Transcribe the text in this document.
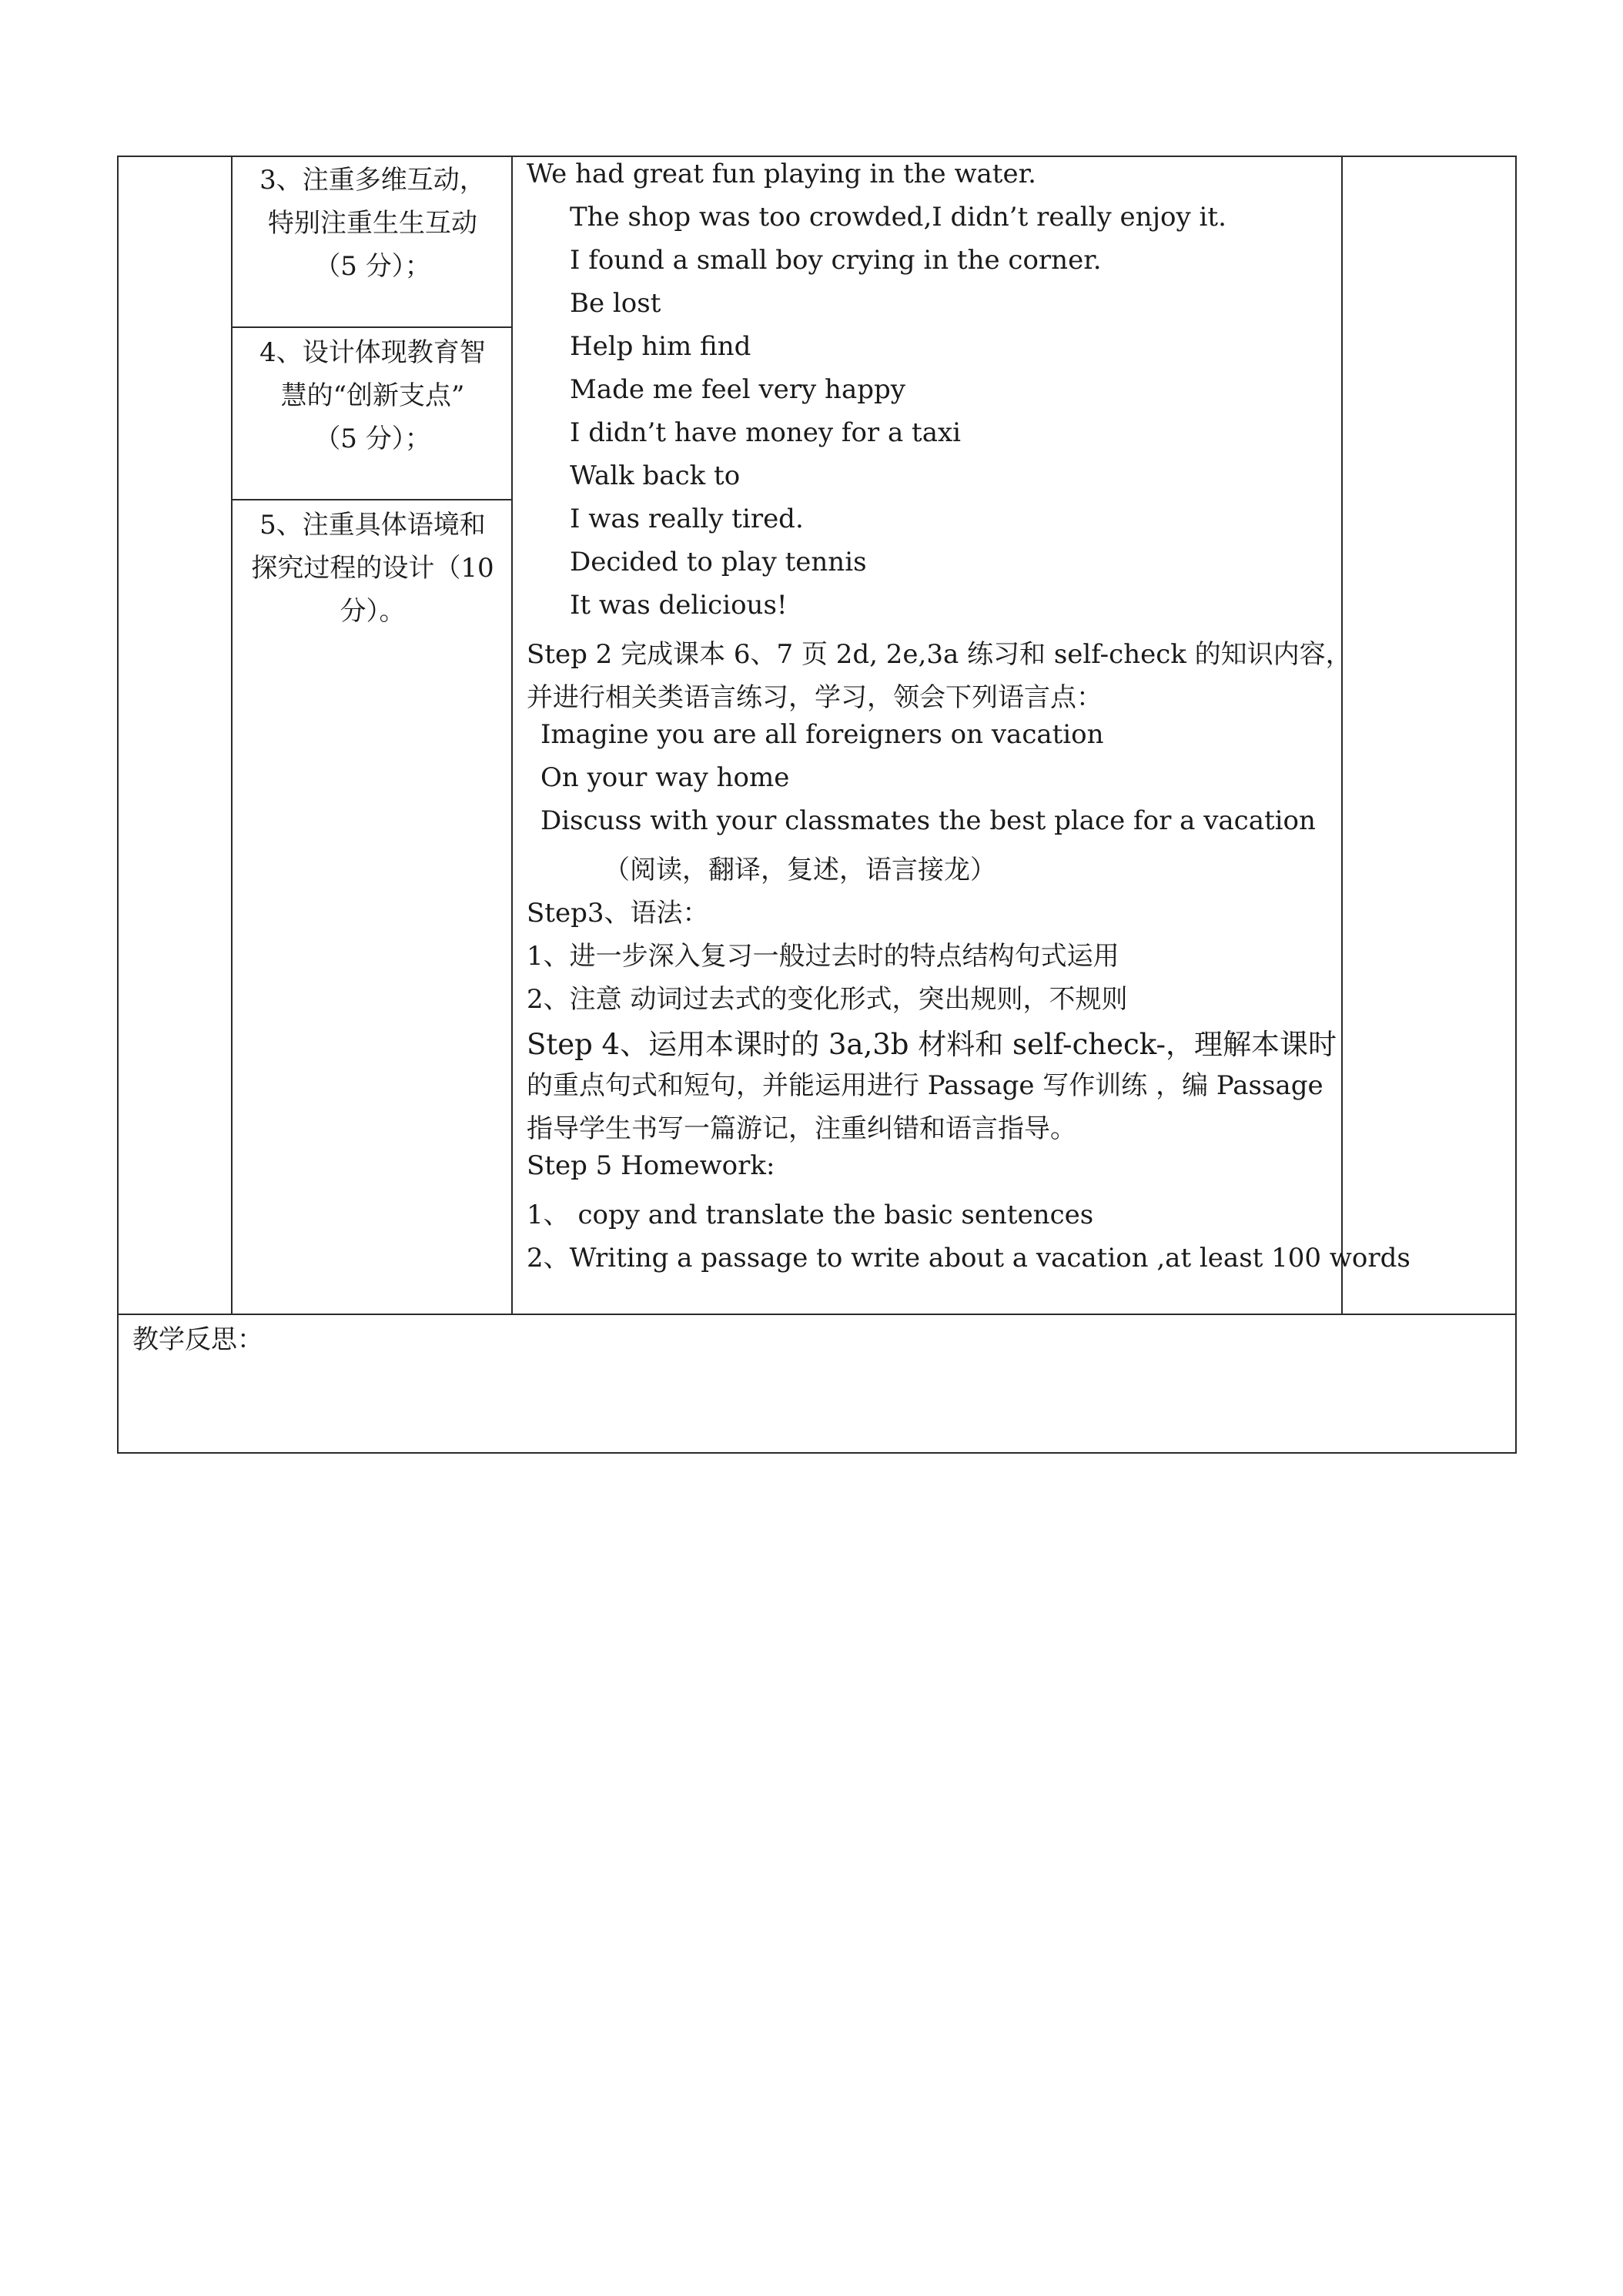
3、注重多维互动，
特别注重生生互动
（5 分）；
4、设计体现教育智
慧的“创新支点”
（5 分）；
5、注重具体语境和
探究过程的设计（10
分）。
We had great fun playing in the water.
The shop was too crowded,I didn’t really enjoy it.
I found a small boy crying in the corner.
Be lost
Help him find
Made me feel very happy
I didn’t have money for a taxi
Walk back to
I was really tired.
Decided to play tennis
It was delicious!
Step 2 完成课本 6、7 页 2d, 2e,3a 练习和 self-check 的知识内容，
并进行相关类语言练习，学习，领会下列语言点：
Imagine you are all foreigners on vacation
On your way home
Discuss with your classmates the best place for a vacation
（阅读，翻译，复述，语言接龙）
Step3、语法：
1、进一步深入复习一般过去时的特点结构句式运用
2、注意 动词过去式的变化形式，突出规则，不规则
Step 4、运用本课时的 3a,3b 材料和 self-check-，理解本课时
的重点句式和短句，并能运用进行 Passage 写作训练 ，编 Passage
指导学生书写一篇游记，注重纠错和语言指导。
Step 5 Homework:
1、 copy and translate the basic sentences
2、Writing a passage to write about a vacation ,at least 100 words
教学反思：
